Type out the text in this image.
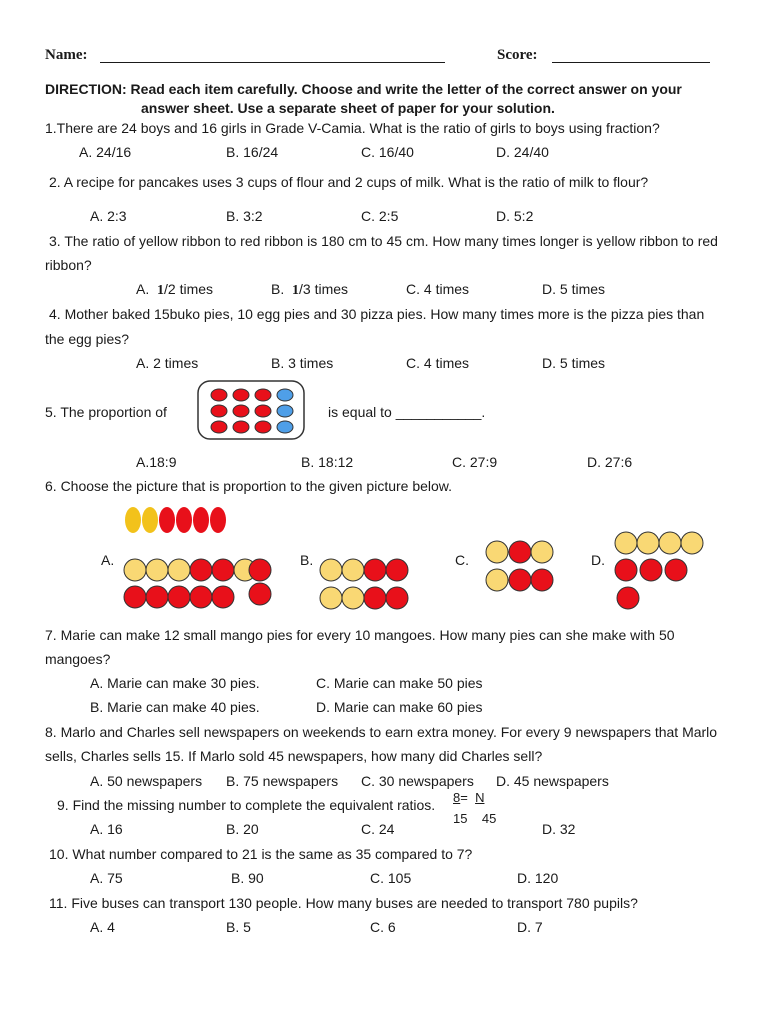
Name:	Score:
DIRECTION: Read each item carefully. Choose and write the letter of the correct answer on your
answer sheet. Use a separate sheet of paper for your solution.
1.There are 24 boys and 16 girls in Grade V-Camia. What is the ratio of girls to boys using fraction?
A. 24/16	B. 16/24	C. 16/40	D. 24/40
2. A recipe for pancakes uses 3 cups of flour and 2 cups of milk. What is the ratio of milk to flour?
A. 2:3	B. 3:2	C. 2:5	D. 5:2
3. The ratio of yellow ribbon to red ribbon is 180 cm to 45 cm. How many times longer is yellow ribbon to red
ribbon?
A. 1/2 times	B. 1/3 times	C. 4 times	D. 5 times
4. Mother baked 15buko pies, 10 egg pies and 30 pizza pies. How many times more is the pizza pies than
the egg pies?
A. 2 times	B. 3 times	C. 4 times	D. 5 times
5. The proportion of	is equal to ___________.
A.18:9	B. 18:12	C. 27:9	D. 27:6
6. Choose the picture that is proportion to the given picture below.
A.	B.	C.	D.
7. Marie can make 12 small mango pies for every 10 mangoes. How many pies can she make with 50
mangoes?
A. Marie can make 30 pies.	C. Marie can make 50 pies
B. Marie can make 40 pies.	D. Marie can make 60 pies
8. Marlo and Charles sell newspapers on weekends to earn extra money. For every 9 newspapers that Marlo
sells, Charles sells 15. If Marlo sold 45 newspapers, how many did Charles sell?
A. 50 newspapers B. 75 newspapers C. 30 newspapers D. 45 newspapers
9. Find the missing number to complete the equivalent ratios. 8= N
15    45
A. 16	B. 20	C. 24	D. 32
10. What number compared to 21 is the same as 35 compared to 7?
A. 75	B. 90	C. 105	D. 120
11. Five buses can transport 130 people. How many buses are needed to transport 780 pupils?
A. 4	B. 5	C. 6	D. 7
